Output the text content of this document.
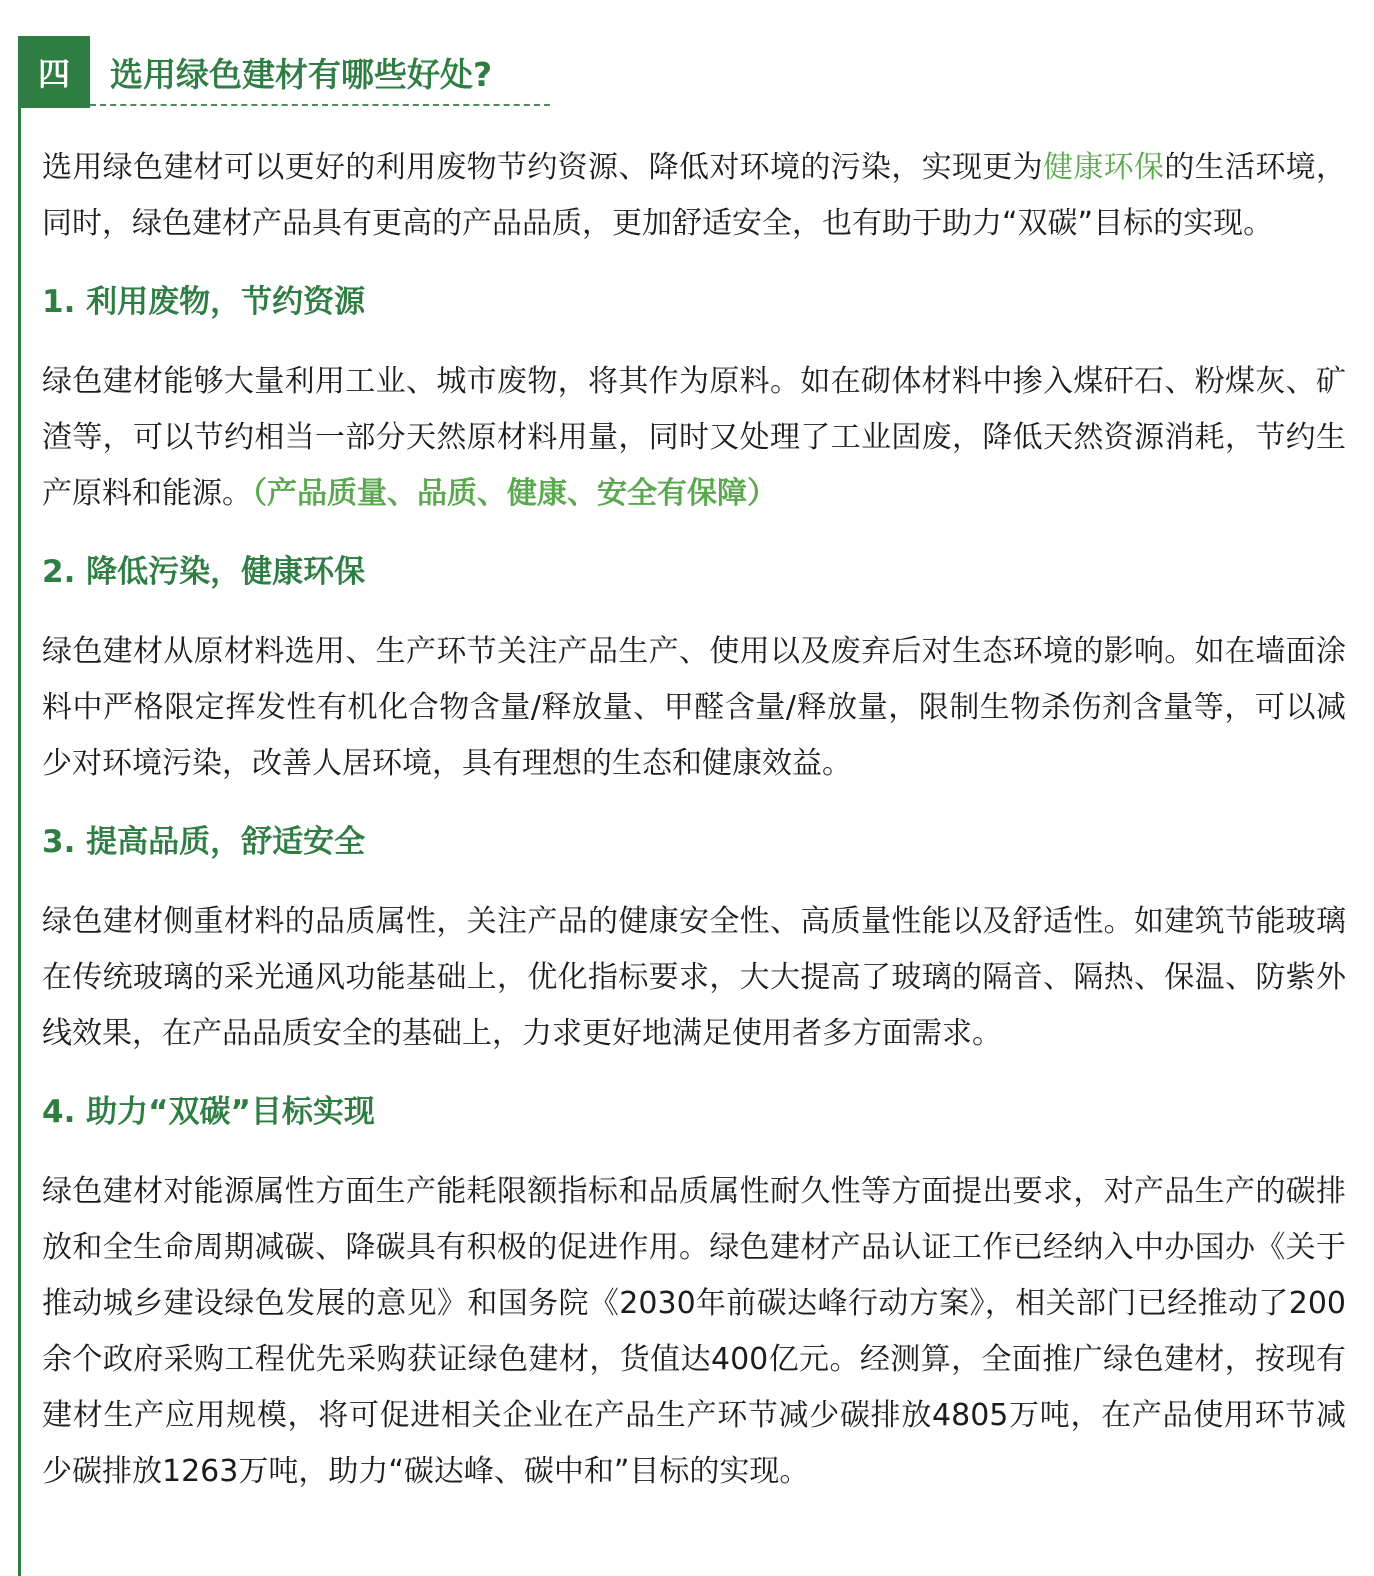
四	选用绿色建材有哪些好处?

选用绿色建材可以更好的利用废物节约资源、降低对环境的污染，实现更为健康环保的生活环境，同时，绿色建材产品具有更高的产品品质，更加舒适安全，也有助于助力“双碳”目标的实现。

1. 利用废物，节约资源

绿色建材能够大量利用工业、城市废物，将其作为原料。如在砌体材料中掺入煤矸石、粉煤灰、矿渣等，可以节约相当一部分天然原材料用量，同时又处理了工业固废，降低天然资源消耗，节约生产原料和能源。（产品质量、品质、健康、安全有保障）

2. 降低污染，健康环保

绿色建材从原材料选用、生产环节关注产品生产、使用以及废弃后对生态环境的影响。如在墙面涂料中严格限定挥发性有机化合物含量/释放量、甲醛含量/释放量，限制生物杀伤剂含量等，可以减少对环境污染，改善人居环境，具有理想的生态和健康效益。

3. 提高品质，舒适安全

绿色建材侧重材料的品质属性，关注产品的健康安全性、高质量性能以及舒适性。如建筑节能玻璃在传统玻璃的采光通风功能基础上，优化指标要求，大大提高了玻璃的隔音、隔热、保温、防紫外线效果，在产品品质安全的基础上，力求更好地满足使用者多方面需求。

4. 助力“双碳”目标实现

绿色建材对能源属性方面生产能耗限额指标和品质属性耐久性等方面提出要求，对产品生产的碳排放和全生命周期减碳、降碳具有积极的促进作用。绿色建材产品认证工作已经纳入中办国办《关于推动城乡建设绿色发展的意见》和国务院《2030年前碳达峰行动方案》，相关部门已经推动了200 余个政府采购工程优先采购获证绿色建材，货值达400亿元。经测算，全面推广绿色建材，按现有建材生产应用规模，将可促进相关企业在产品生产环节减少碳排放4805万吨，在产品使用环节减少碳排放1263万吨，助力“碳达峰、碳中和”目标的实现。
